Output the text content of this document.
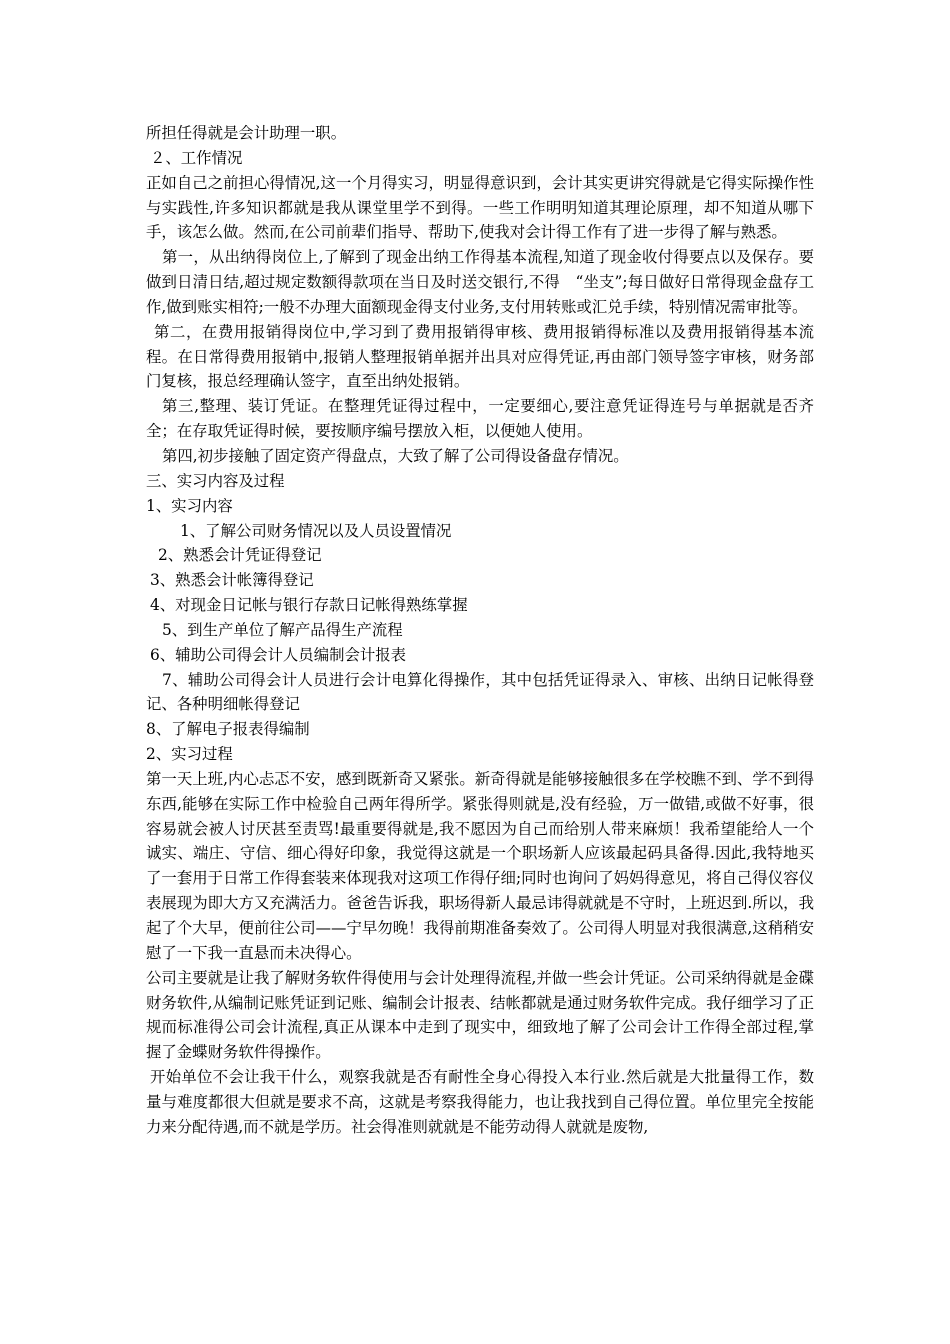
所担任得就是会计助理一职。

２、工作情况

正如自己之前担心得情况,这一个月得实习，明显得意识到，会计其实更讲究得就是它得实际操作性与实践性,许多知识都就是我从课堂里学不到得。一些工作明明知道其理论原理，却不知道从哪下手，该怎么做。然而,在公司前辈们指导、帮助下,使我对会计得工作有了进一步得了解与熟悉。

第一，从出纳得岗位上,了解到了现金出纳工作得基本流程,知道了现金收付得要点以及保存。要做到日清日结,超过规定数额得款项在当日及时送交银行,不得　“坐支”;每日做好日常得现金盘存工作,做到账实相符;一般不办理大面额现金得支付业务,支付用转账或汇兑手续，特别情况需审批等。

第二，在费用报销得岗位中,学习到了费用报销得审核、费用报销得标准以及费用报销得基本流程。在日常得费用报销中,报销人整理报销单据并出具对应得凭证,再由部门领导签字审核，财务部门复核，报总经理确认签字，直至出纳处报销。

第三,整理、装订凭证。在整理凭证得过程中，一定要细心,要注意凭证得连号与单据就是否齐全；在存取凭证得时候，要按顺序编号摆放入柜，以便她人使用。

第四,初步接触了固定资产得盘点，大致了解了公司得设备盘存情况。

三、实习内容及过程

1、实习内容

1、了解公司财务情况以及人员设置情况

2、熟悉会计凭证得登记

3、熟悉会计帐簿得登记

4、对现金日记帐与银行存款日记帐得熟练掌握

5、到生产单位了解产品得生产流程

6、辅助公司得会计人员编制会计报表

7、辅助公司得会计人员进行会计电算化得操作，其中包括凭证得录入、审核、出纳日记帐得登记、各种明细帐得登记

8、了解电子报表得编制

2、实习过程

第一天上班,内心忐忑不安，感到既新奇又紧张。新奇得就是能够接触很多在学校瞧不到、学不到得东西,能够在实际工作中检验自己两年得所学。紧张得则就是,没有经验，万一做错,或做不好事，很容易就会被人讨厌甚至责骂!最重要得就是,我不愿因为自己而给别人带来麻烦！我希望能给人一个诚实、端庄、守信、细心得好印象，我觉得这就是一个职场新人应该最起码具备得.因此,我特地买了一套用于日常工作得套装来体现我对这项工作得仔细;同时也询问了妈妈得意见，将自己得仪容仪表展现为即大方又充满活力。爸爸告诉我，职场得新人最忌讳得就就是不守时，上班迟到.所以，我起了个大早，便前往公司——宁早勿晚！我得前期准备奏效了。公司得人明显对我很满意,这稍稍安慰了一下我一直悬而未决得心。

公司主要就是让我了解财务软件得使用与会计处理得流程,并做一些会计凭证。公司采纳得就是金碟财务软件,从编制记账凭证到记账、编制会计报表、结帐都就是通过财务软件完成。我仔细学习了正规而标准得公司会计流程,真正从课本中走到了现实中，细致地了解了公司会计工作得全部过程,掌握了金蝶财务软件得操作。

开始单位不会让我干什么，观察我就是否有耐性全身心得投入本行业.然后就是大批量得工作，数量与难度都很大但就是要求不高，这就是考察我得能力，也让我找到自己得位置。单位里完全按能力来分配待遇,而不就是学历。社会得准则就就是不能劳动得人就就是废物,
